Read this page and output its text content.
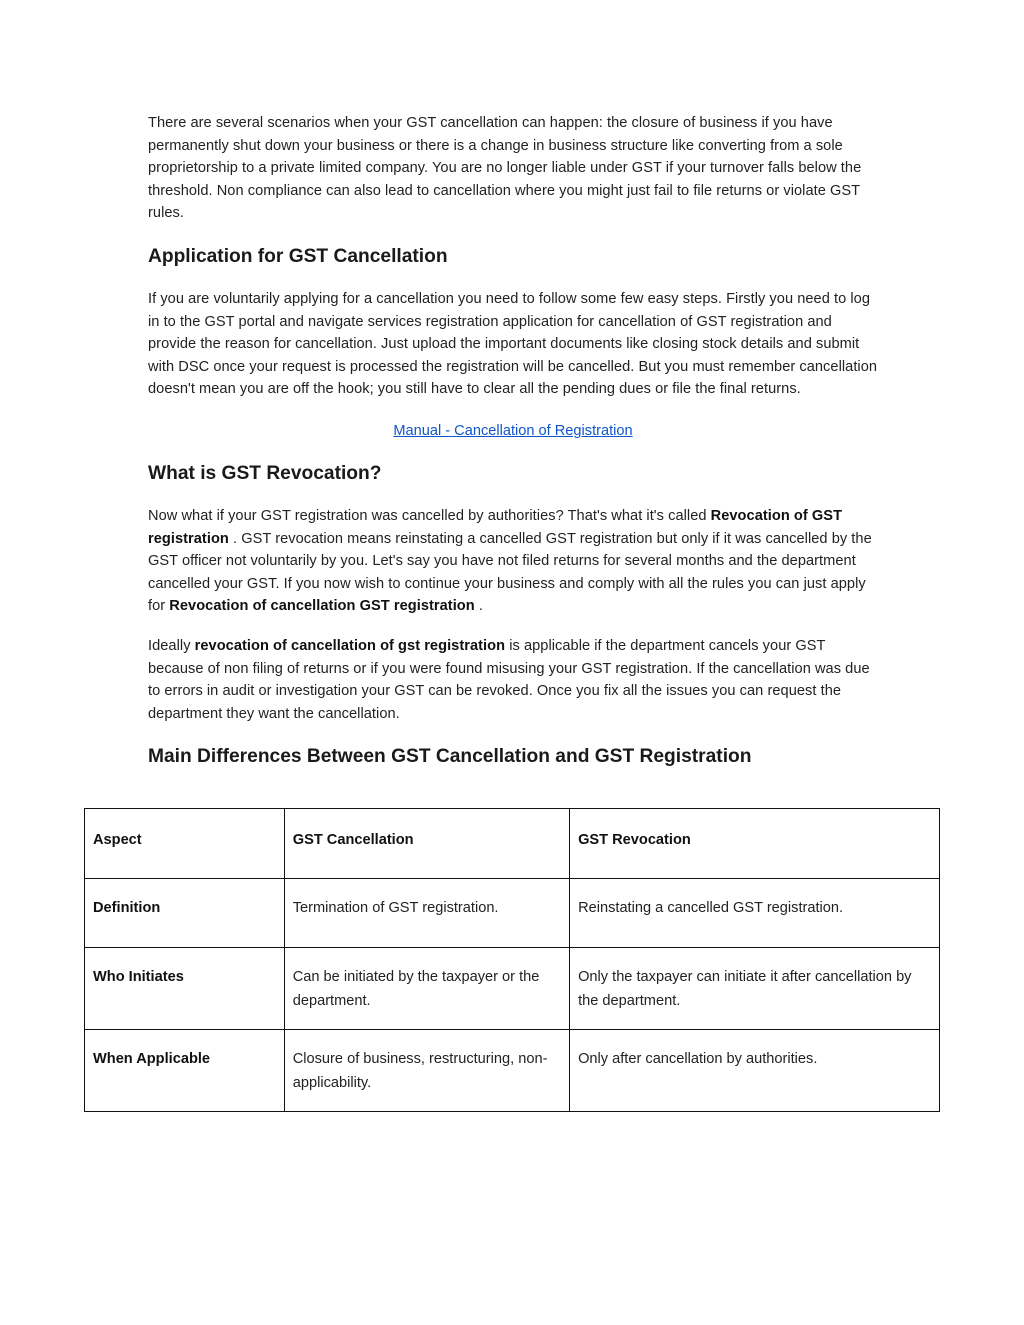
There are several scenarios when your GST cancellation can happen: the closure of business if you have permanently shut down your business or there is a change in business structure like converting from a sole proprietorship to a private limited company. You are no longer liable under GST if your turnover falls below the threshold. Non compliance can also lead to cancellation where you might just fail to file returns or violate GST rules.

Application for GST Cancellation

If you are voluntarily applying for a cancellation you need to follow some few easy steps. Firstly you need to log in to the GST portal and navigate services registration application for cancellation of GST registration and provide the reason for cancellation. Just upload the important documents like closing stock details and submit with DSC once your request is processed the registration will be cancelled. But you must remember cancellation doesn't mean you are off the hook; you still have to clear all the pending dues or file the final returns.

Manual - Cancellation of Registration
What is GST Revocation?

Now what if your GST registration was cancelled by authorities? That's what it's called Revocation of GST registration . GST revocation means reinstating a cancelled GST registration but only if it was cancelled by the GST officer not voluntarily by you. Let's say you have not filed returns for several months and the department cancelled your GST. If you now wish to continue your business and comply with all the rules you can just apply for Revocation of cancellation GST registration .

Ideally revocation of cancellation of gst registration is applicable if the department cancels your GST because of non filing of returns or if you were found misusing your GST registration. If the cancellation was due to errors in audit or investigation your GST can be revoked. Once you fix all the issues you can request the department they want the cancellation.

Main Differences Between GST Cancellation and GST Registration
Aspect	GST Cancellation	GST Revocation
Definition	Termination of GST registration.	Reinstating a cancelled GST registration.
Who Initiates	Can be initiated by the taxpayer or the department.	Only the taxpayer can initiate it after cancellation by the department.
When Applicable	Closure of business, restructuring, non-applicability.	Only after cancellation by authorities.
